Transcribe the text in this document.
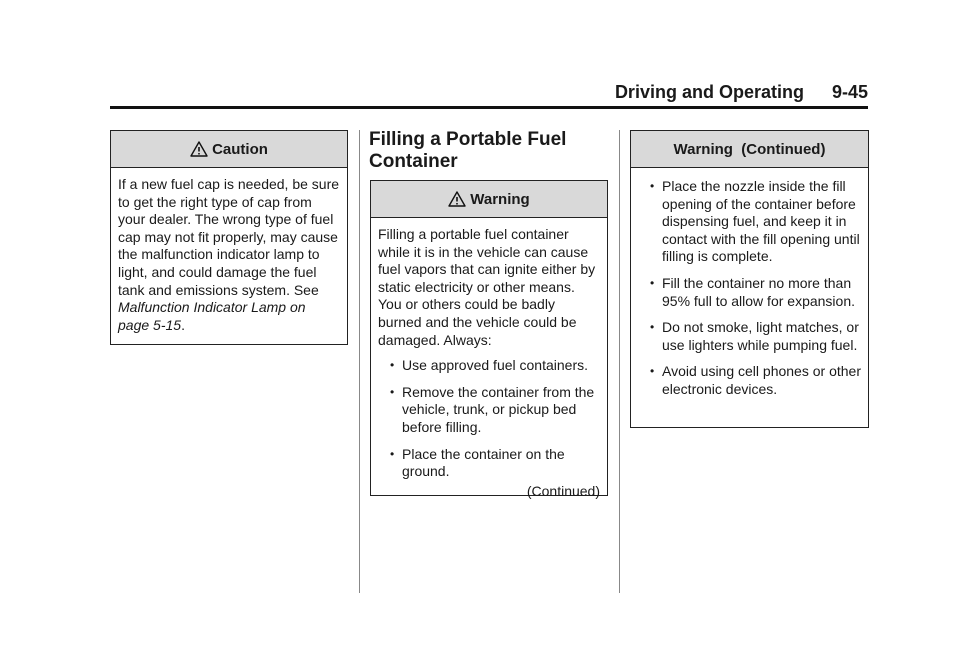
Driving and Operating 9-45
Caution

If a new fuel cap is needed, be sure to get the right type of cap from your dealer. The wrong type of fuel cap may not fit properly, may cause the malfunction indicator lamp to light, and could damage the fuel tank and emissions system. See Malfunction Indicator Lamp on page 5-15.

Filling a Portable Fuel Container
Warning

Filling a portable fuel container while it is in the vehicle can cause fuel vapors that can ignite either by static electricity or other means. You or others could be badly burned and the vehicle could be damaged. Always:

• Use approved fuel containers.
• Remove the container from the vehicle, trunk, or pickup bed before filling.
• Place the container on the ground.
(Continued)
Warning  (Continued)
• Place the nozzle inside the fill opening of the container before dispensing fuel, and keep it in contact with the fill opening until filling is complete.
• Fill the container no more than 95% full to allow for expansion.
• Do not smoke, light matches, or use lighters while pumping fuel.
• Avoid using cell phones or other electronic devices.
